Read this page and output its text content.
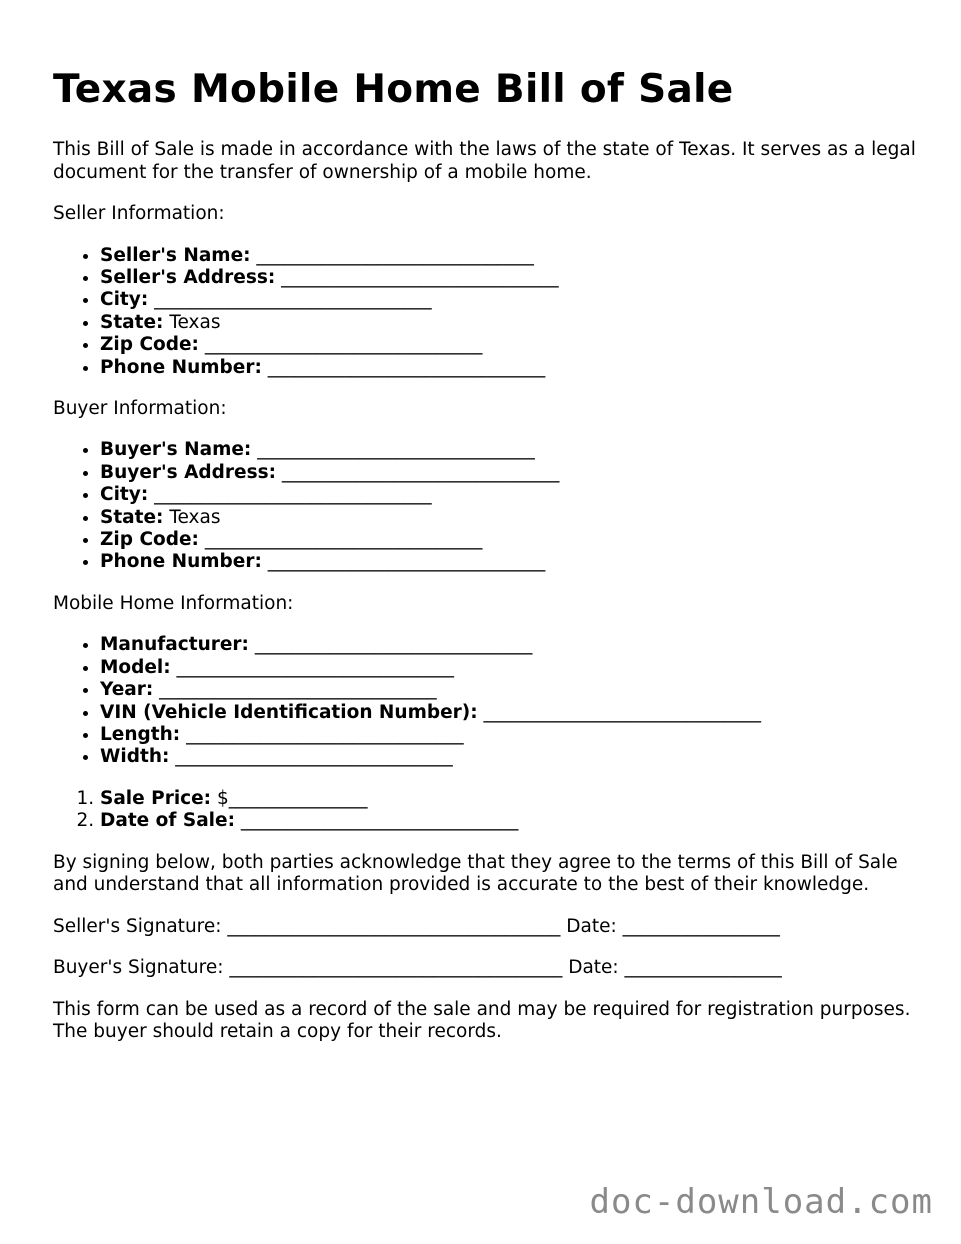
Texas Mobile Home Bill of Sale

This Bill of Sale is made in accordance with the laws of the state of Texas. It serves as a legal document for the transfer of ownership of a mobile home.

Seller Information:

• Seller's Name: ______________________________
• Seller's Address: ______________________________
• City: ______________________________
• State: Texas
• Zip Code: ______________________________
• Phone Number: ______________________________

Buyer Information:

• Buyer's Name: ______________________________
• Buyer's Address: ______________________________
• City: ______________________________
• State: Texas
• Zip Code: ______________________________
• Phone Number: ______________________________

Mobile Home Information:

• Manufacturer: ______________________________
• Model: ______________________________
• Year: ______________________________
• VIN (Vehicle Identification Number): ______________________________
• Length: ______________________________
• Width: ______________________________
1. Sale Price: $_______________
2. Date of Sale: ______________________________

By signing below, both parties acknowledge that they agree to the terms of this Bill of Sale and understand that all information provided is accurate to the best of their knowledge.

Seller's Signature: ____________________________________ Date: _________________

Buyer's Signature: ____________________________________ Date: _________________

This form can be used as a record of the sale and may be required for registration purposes. The buyer should retain a copy for their records.

doc-download.com
